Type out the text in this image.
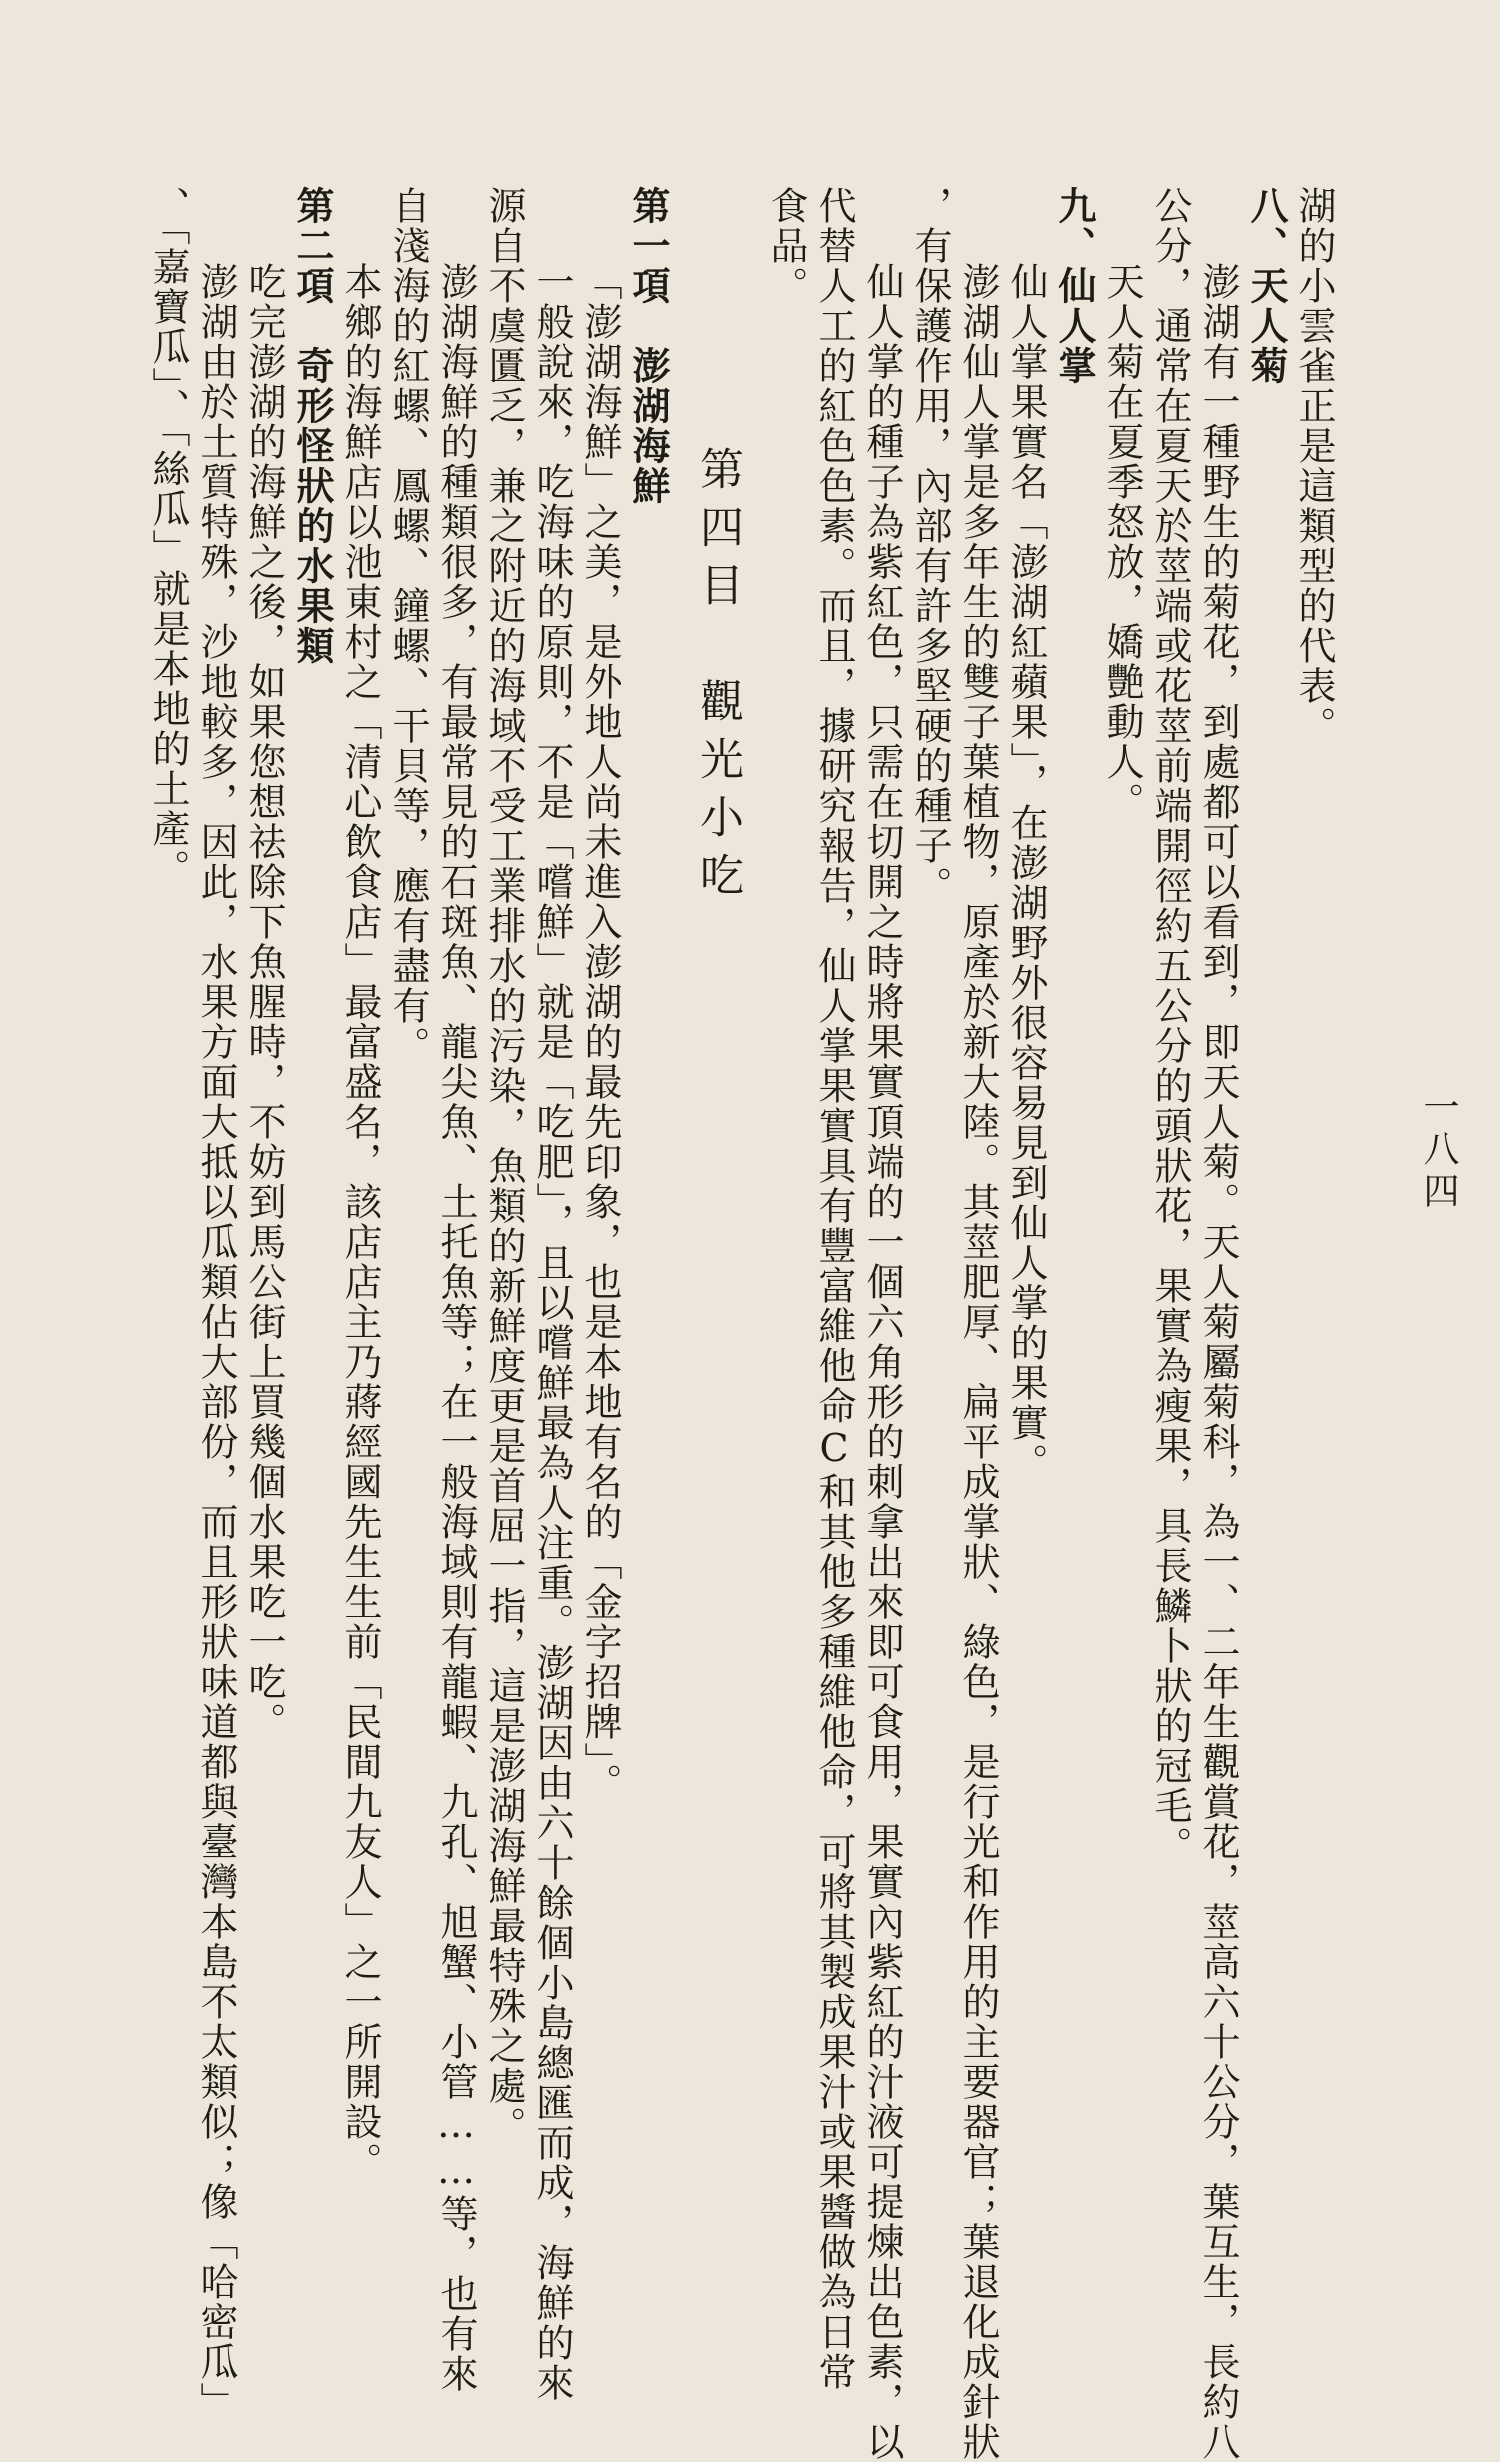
一八四

湖的小雲雀正是這類型的代表。

八、天人菊

澎湖有一種野生的菊花，到處都可以看到，即天人菊。天人菊屬菊科，為一、二年生觀賞花，莖高六十公分，葉互生，長約八

公分，通常在夏天於莖端或花莖前端開徑約五公分的頭狀花，果實為瘦果，具長鱗卜狀的冠毛。

天人菊在夏季怒放，嬌艷動人。

九、仙人掌

仙人掌果實名「澎湖紅蘋果」，在澎湖野外很容易見到仙人掌的果實。

澎湖仙人掌是多年生的雙子葉植物，原產於新大陸。其莖肥厚、扁平成掌狀、綠色，是行光和作用的主要器官；葉退化成針狀

，有保護作用，內部有許多堅硬的種子。

仙人掌的種子為紫紅色，只需在切開之時將果實頂端的一個六角形的刺拿出來即可食用，果實內紫紅的汁液可提煉出色素，以

代替人工的紅色色素。而且，據研究報告，仙人掌果實具有豐富維他命C和其他多種維他命，可將其製成果汁或果醬做為日常

食品。

第四目　觀光小吃

第一項　澎湖海鮮

「澎湖海鮮」之美，是外地人尚未進入澎湖的最先印象，也是本地有名的「金字招牌」。

一般說來，吃海味的原則，不是「嚐鮮」就是「吃肥」，且以嚐鮮最為人注重。澎湖因由六十餘個小島總匯而成，海鮮的來

源自不虞匱乏，兼之附近的海域不受工業排水的污染，魚類的新鮮度更是首屈一指，這是澎湖海鮮最特殊之處。

澎湖海鮮的種類很多，有最常見的石斑魚、龍尖魚、土托魚等；在一般海域則有龍蝦、九孔、旭蟹、小管……等，也有來

自淺海的紅螺、鳳螺、鐘螺、干貝等，應有盡有。

本鄉的海鮮店以池東村之「清心飲食店」最富盛名，該店店主乃蔣經國先生生前「民間九友人」之一所開設。

第二項　奇形怪狀的水果類

吃完澎湖的海鮮之後，如果您想祛除下魚腥時，不妨到馬公街上買幾個水果吃一吃。

澎湖由於土質特殊，沙地較多，因此，水果方面大抵以瓜類佔大部份，而且形狀味道都與臺灣本島不太類似；像「哈密瓜」

、「嘉寶瓜」、「絲瓜」就是本地的土產。
